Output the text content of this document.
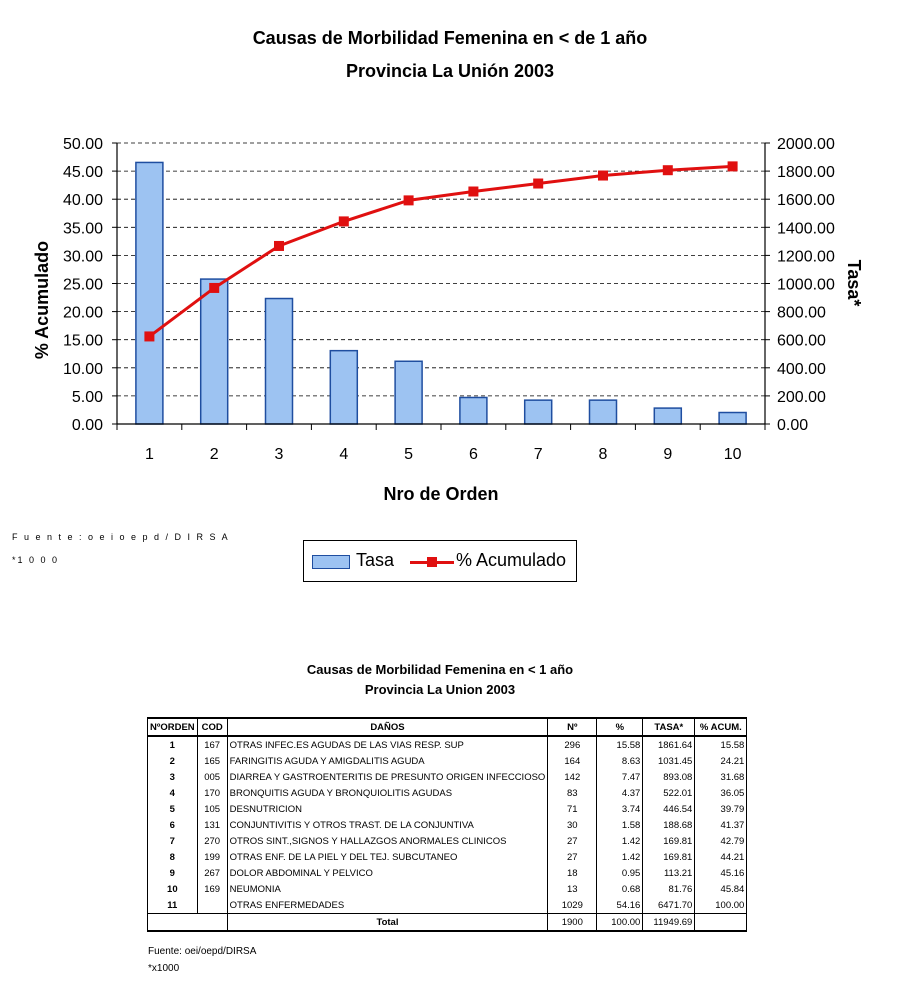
Causas de Morbilidad Femenina en < de 1 año
Provincia La Unión 2003
50.00	2000.00
45.00	1800.00
40.00	1600.00
35.00	1400.00
30.00	1200.00
25.00	1000.00
20.00	800.00
15.00	600.00
10.00	400.00
5.00	200.00
0.00	0.00
1	2	3	4	5	6	7	8	9	10
Nro de Orden
% Acumulado	Tasa*
F u e n t e : o e i o e p d / D I R S A
*1 0 0 0	Tasa	% Acumulado
Causas de Morbilidad Femenina en < 1 año
Provincia La Union 2003
NºORDEN	COD	DAÑOS	Nº	%	TASA*	% ACUM.
1	167	OTRAS INFEC.ES AGUDAS DE LAS VIAS RESP. SUP	296	15.58	1861.64	15.58
2	165	FARINGITIS AGUDA Y AMIGDALITIS AGUDA	164	8.63	1031.45	24.21
3	005	DIARREA Y GASTROENTERITIS DE PRESUNTO ORIGEN INFECCIOSO	142	7.47	893.08	31.68
4	170	BRONQUITIS AGUDA Y BRONQUIOLITIS AGUDAS	83	4.37	522.01	36.05
5	105	DESNUTRICION	71	3.74	446.54	39.79
6	131	CONJUNTIVITIS Y OTROS TRAST. DE LA CONJUNTIVA	30	1.58	188.68	41.37
7	270	OTROS SINT.,SIGNOS Y HALLAZGOS ANORMALES CLINICOS	27	1.42	169.81	42.79
8	199	OTRAS ENF. DE LA PIEL Y DEL TEJ. SUBCUTANEO	27	1.42	169.81	44.21
9	267	DOLOR ABDOMINAL Y PELVICO	18	0.95	113.21	45.16
10	169	NEUMONIA	13	0.68	81.76	45.84
11		OTRAS ENFERMEDADES	1029	54.16	6471.70	100.00
		Total	1900	100.00	11949.69	
Fuente: oei/oepd/DIRSA
*x1000
